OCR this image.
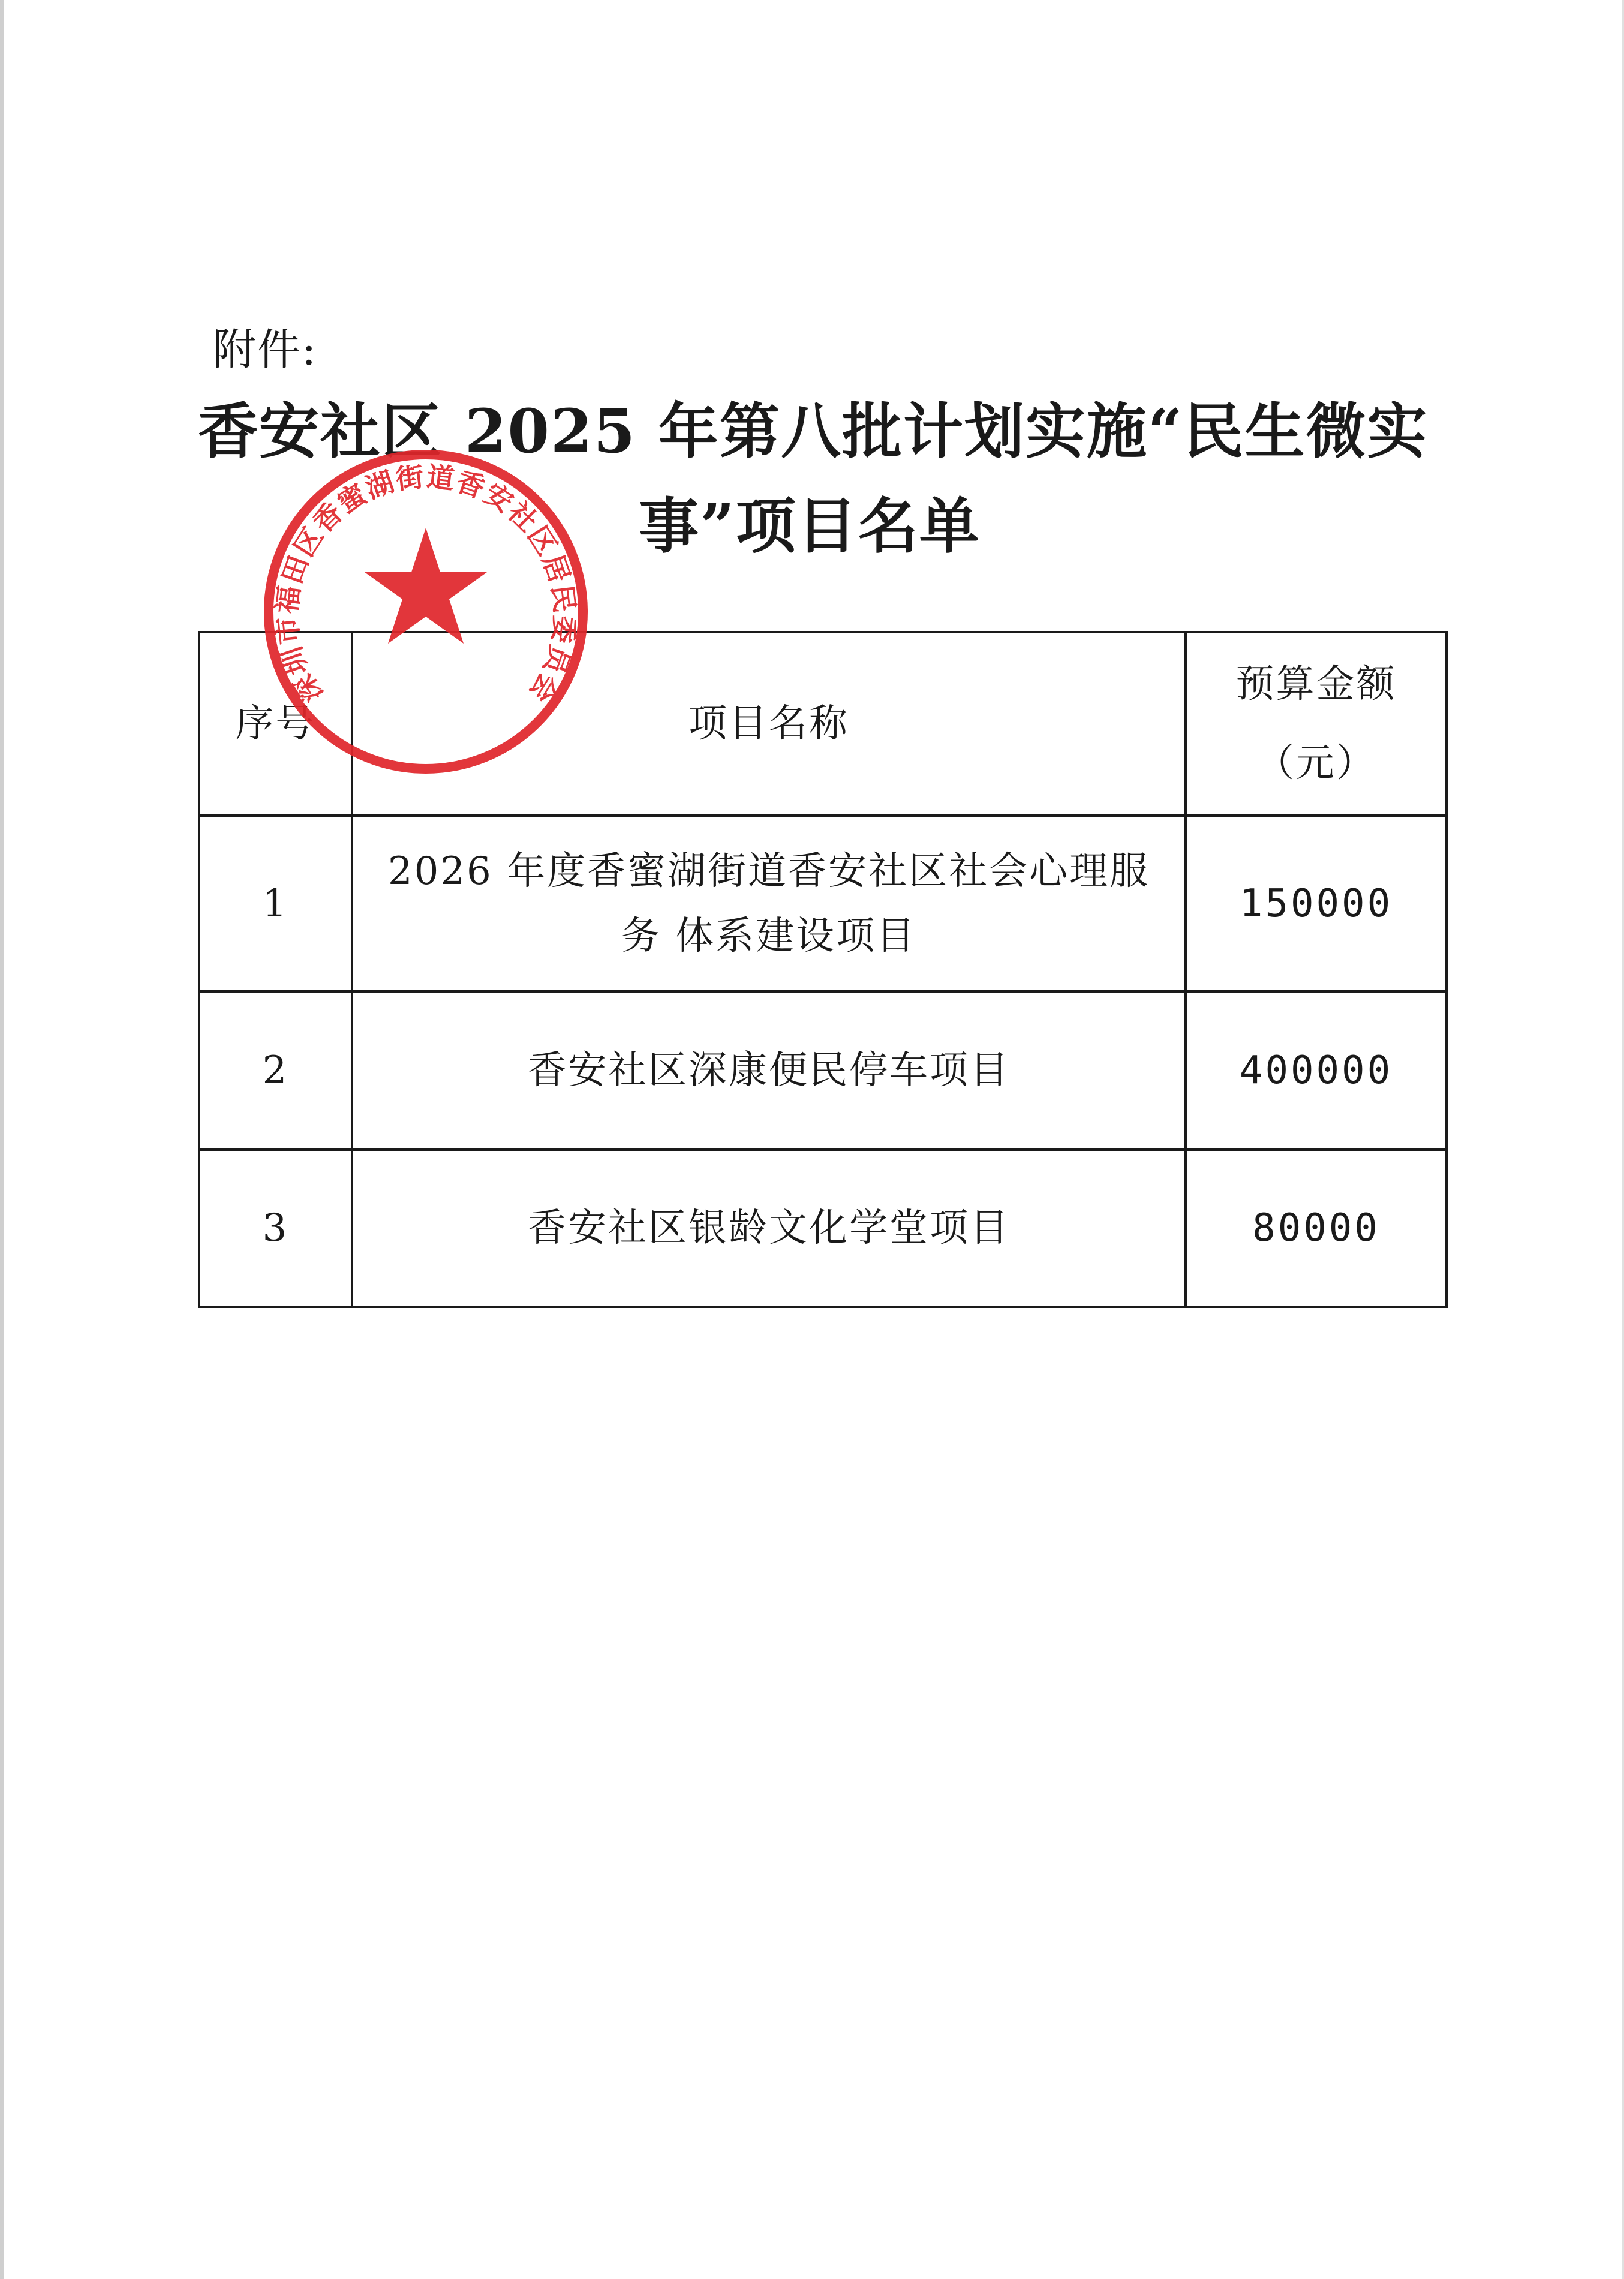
附件:
香安社区 2025 年第八批计划实施“民生微实
事”项目名单
深圳市福田区香蜜湖街道香安社区居民委员会
序号	项目名称	预算金额
（元）

1	2026 年度香蜜湖街道香安社区社会心理服
务 体系建设项目	150000
2	香安社区深康便民停车项目	400000
3	香安社区银龄文化学堂项目	80000
